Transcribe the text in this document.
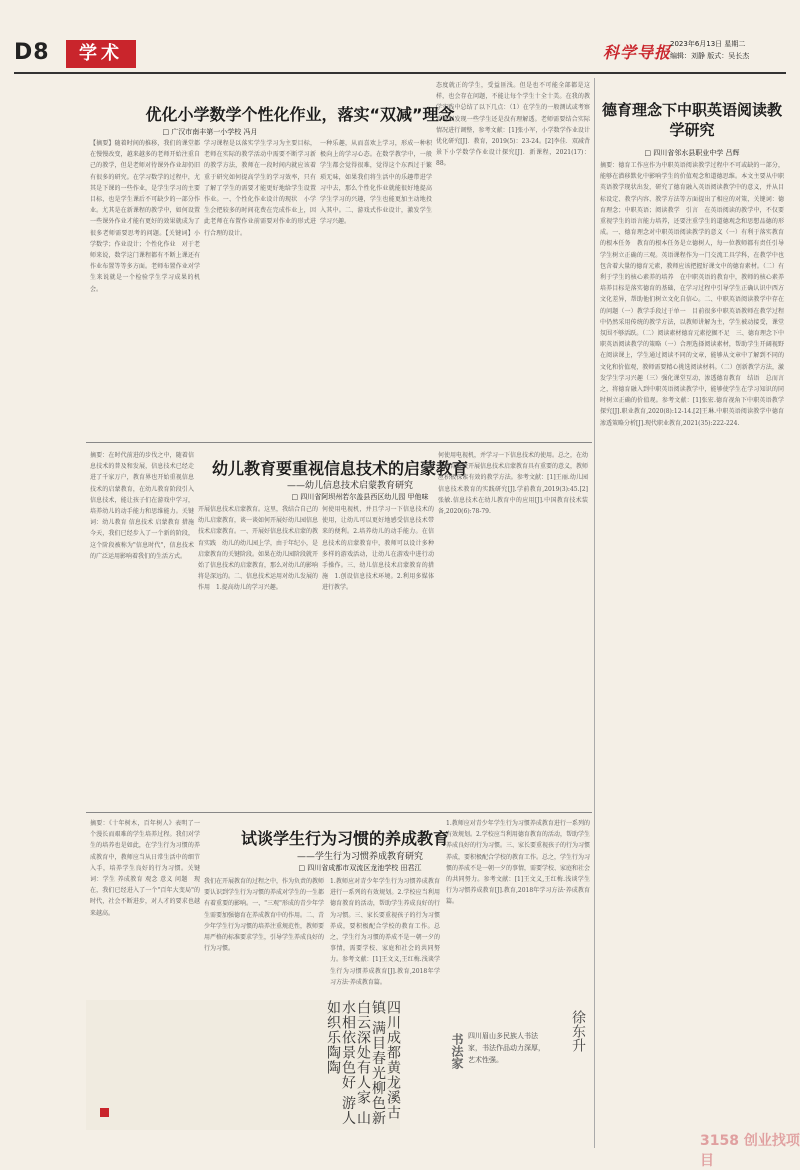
D8	学术	科学导报
2023年6月13日 星期二
编辑：刘静 版式：吴长杰
优化小学数学个性化作业，落实“双减”理念
□ 广汉市南丰第一小学校 冯月
【摘要】随着时间的推移，我们的课堂都在慢慢改变，越来越多的老师开始注重自己的教学，但是老师对待课外作业却仍旧有很多的研究。在学习数学的过程中，尤其是下课的一些作业，是学生学习的主要目标，也是学生课后不可缺少的一部分作业。尤其是在新课程的教学中，如何设置一些课外作业才能有更好的效果就成为了很多老师需要思考的问题。【关键词】小学数学；作业设计；个性化作业　对于老师来说，数学这门课程都有不断上课还有作业布置等等多方面。老师布置作业对学生来说就是一个检验学生学习成果的机会。
学习课程是以落实学生学习为主要目标，老师在实际的教学活动中需要不断学习新的教学方法，教师在一段时间内就应该着重于研究如何提高学生的学习效率，只有了解了学生的需要才能更好地给学生设置作业。一、个性化作业设计的现状　小学生会把较多的时间花费在完成作业上，因此老师在布置作业前需要对作业的形式进行合理的设计。
一种乐趣，从而喜欢上学习，形成一种积极向上的学习心态。在数学教学中，一般学生都会觉得很难，觉得这个东西过于繁琐无味，如果我们将生活中的乐趣带进学习中去，那么个性化作业就能很好地提高学生学习的兴趣，学生也能更加主动地投入其中。二、游戏式作业设计，激发学生学习兴趣。
态度就正的学生，受益匪浅。但是也不可能全部都是这样，也会存在问题，不能让每个学生十全十美。在我的教学实践中总结了以下几点：（1）在学生的一般测试或考察后可以发现一些学生还是没有理解透。老师需要结合实际情况进行调整，参考文献：[1]张小军，小学数学作业设计优化研究[J]．教育，2019(5)：23-24。[2]李佳．双减背景下小学数学作业设计探究[J]．新课程，2021(17)：88。
德育理念下中职英语阅读教学研究
□ 四川省邻水县职业中学 吕辉
摘要：德育工作应作为中职英语阅读教学过程中不可或缺的一部分，能够在潜移默化中影响学生的价值观念和道德思维。本文主要从中职英语教学现状出发，研究了德育融入英语阅读教学中的意义，并从目标设定、教学内容、教学方法等方面提出了相应的对策，关键词：德育理念；中职英语；阅读教学　引言　在英语阅读的教学中，不仅要重视学生的语言能力培养，还要注重学生的道德观念和思想品德的形成。一、德育理念对中职英语阅读教学的意义（一）有利于落实教育的根本任务　教育的根本任务是立德树人，每一位教师都有责任引导学生树立正确的三观。英语课程作为一门交流工具学科，在教学中也包含着大量的德育元素，教师应该把握好课文中的德育素材。（二）有利于学生的核心素养的培养　在中职英语的教育中，教师的核心素养培养目标是落实德育的基础，在学习过程中引导学生正确认识中西方文化差异，帮助他们树立文化自信心。二、中职英语阅读教学中存在的问题（一）教学手段过于单一　目前很多中职英语教师在教学过程中仍然采用传统的教学方法，以教师讲解为主，学生被动接受，课堂氛围不够活跃。（二）阅读素材德育元素挖掘不足　三、德育理念下中职英语阅读教学的策略（一）合理选择阅读素材，帮助学生开阔视野　在阅读课上，学生通过阅读不同的文章，能够从文章中了解到不同的文化和价值观，教师需要精心挑选阅读材料。（二）创新教学方法，激发学生学习兴趣（三）强化课堂互动，渗透德育教育　结语　总而言之，将德育融入到中职英语阅读教学中，能够使学生在学习知识的同时树立正确的价值观。参考文献：[1]张宏.德育视角下中职英语教学探究[J].职业教育,2020(8):12-14.[2]王琳.中职英语阅读教学中德育渗透策略分析[J].现代职业教育,2021(35):222-224.
幼儿教育要重视信息技术的启蒙教育
——幼儿信息技术启蒙教育研究
□ 四川省阿坝州若尔盖县西区幼儿园 甲他味
摘要：在时代前进的步伐之中，随着信息技术的普及和发展，信息技术已经走进了千家万户，教育界也开始重视信息技术的启蒙教育，在幼儿教育阶段引入信息技术，能让孩子们在游戏中学习，培养幼儿的动手能力和思维能力。关键词：幼儿教育 信息技术 启蒙教育 措施　今天，我们已经步入了一个新的阶段，这个阶段被称为"信息时代"，信息技术的广泛运用影响着我们的生活方式。
开展信息技术启蒙教育。这里，我结合自己的幼儿启蒙教育，谈一谈如何开展好幼儿园信息技术启蒙教育。一、开展好信息技术启蒙的教育实践　幼儿的幼儿园上学，由于年纪小，是启蒙教育的关键阶段。如果在幼儿园阶段就开始了信息技术的启蒙教育，那么对幼儿的影响将是深远的。二、信息技术运用对幼儿发展的作用　1.提高幼儿的学习兴趣。
何使用电视机，并且学习一下信息技术的使用，让幼儿可以更好地感受信息技术带来的便利。2.培养幼儿的动手能力。在信息技术的启蒙教育中，教师可以设计多种多样的游戏活动，让幼儿在游戏中进行动手操作。三、幼儿信息技术启蒙教育的措施　1.创设信息技术环境。2.利用多媒体进行教学。
何使用电视机，并学习一下信息技术的使用。总之，在幼儿教育阶段开展信息技术启蒙教育具有重要的意义，教师应积极探索有效的教学方法。参考文献：[1]王丽.幼儿园信息技术教育的实践研究[J].学前教育,2019(3):45.[2]张敏.信息技术在幼儿教育中的应用[J].中国教育技术装备,2020(6):78-79.
试谈学生行为习惯的养成教育
——学生行为习惯养成教育研究
□ 四川省成都市双流区龙池学校 田君江
摘要：《十年树木，百年树人》表明了一个漫长而艰难的学生培养过程。我们对学生的培养也是如此，在学生行为习惯的养成教育中，教师应当从日常生活中的细节入手，培养学生良好的行为习惯。关键词：学生 养成教育 观念 意义 问题　现在，我们已经进入了一个"百年大变局"的时代，社会不断进步，对人才的要求也越来越高。
我们在开展教育的过程之中，作为负责的教师要认识到学生行为习惯的养成对学生的一生都有着重要的影响。一、"三观"形成的青少年学生需要加强德育在养成教育中的作用。二、青少年学生行为习惯的培养注重规范性，教师要用严格的标准要求学生，引导学生养成良好的行为习惯。
1.教师应对青少年学生行为习惯养成教育进行一系列的有效规划。2.学校应当利用德育教育的活动，帮助学生养成良好的行为习惯。三、家长要重视孩子的行为习惯养成，要积极配合学校的教育工作。总之，学生行为习惯的养成不是一朝一夕的事情，需要学校、家庭和社会的共同努力。参考文献：[1]王文义,王红梅.浅谈学生行为习惯养成教育[J].教育,2018年学习方法·养成教育篇。
1.教师应对青少年学生行为习惯养成教育进行一系列的有效规划。2.学校应当利用德育教育的活动，帮助学生养成良好的行为习惯。三、家长要重视孩子的行为习惯养成，要积极配合学校的教育工作。总之，学生行为习惯的养成不是一朝一夕的事情，需要学校、家庭和社会的共同努力。参考文献：[1]王文义,王红梅.浅谈学生行为习惯养成教育[J].教育,2018年学习方法·养成教育篇。
四川成都黄龙溪古镇 满目春光柳色新 白云深处有人家 山水相依景色好 游人如织乐陶陶	书法家 四川眉山多民族人书法家，书法作品动力深厚，艺术性强。
徐东升
3158 创业找项目
